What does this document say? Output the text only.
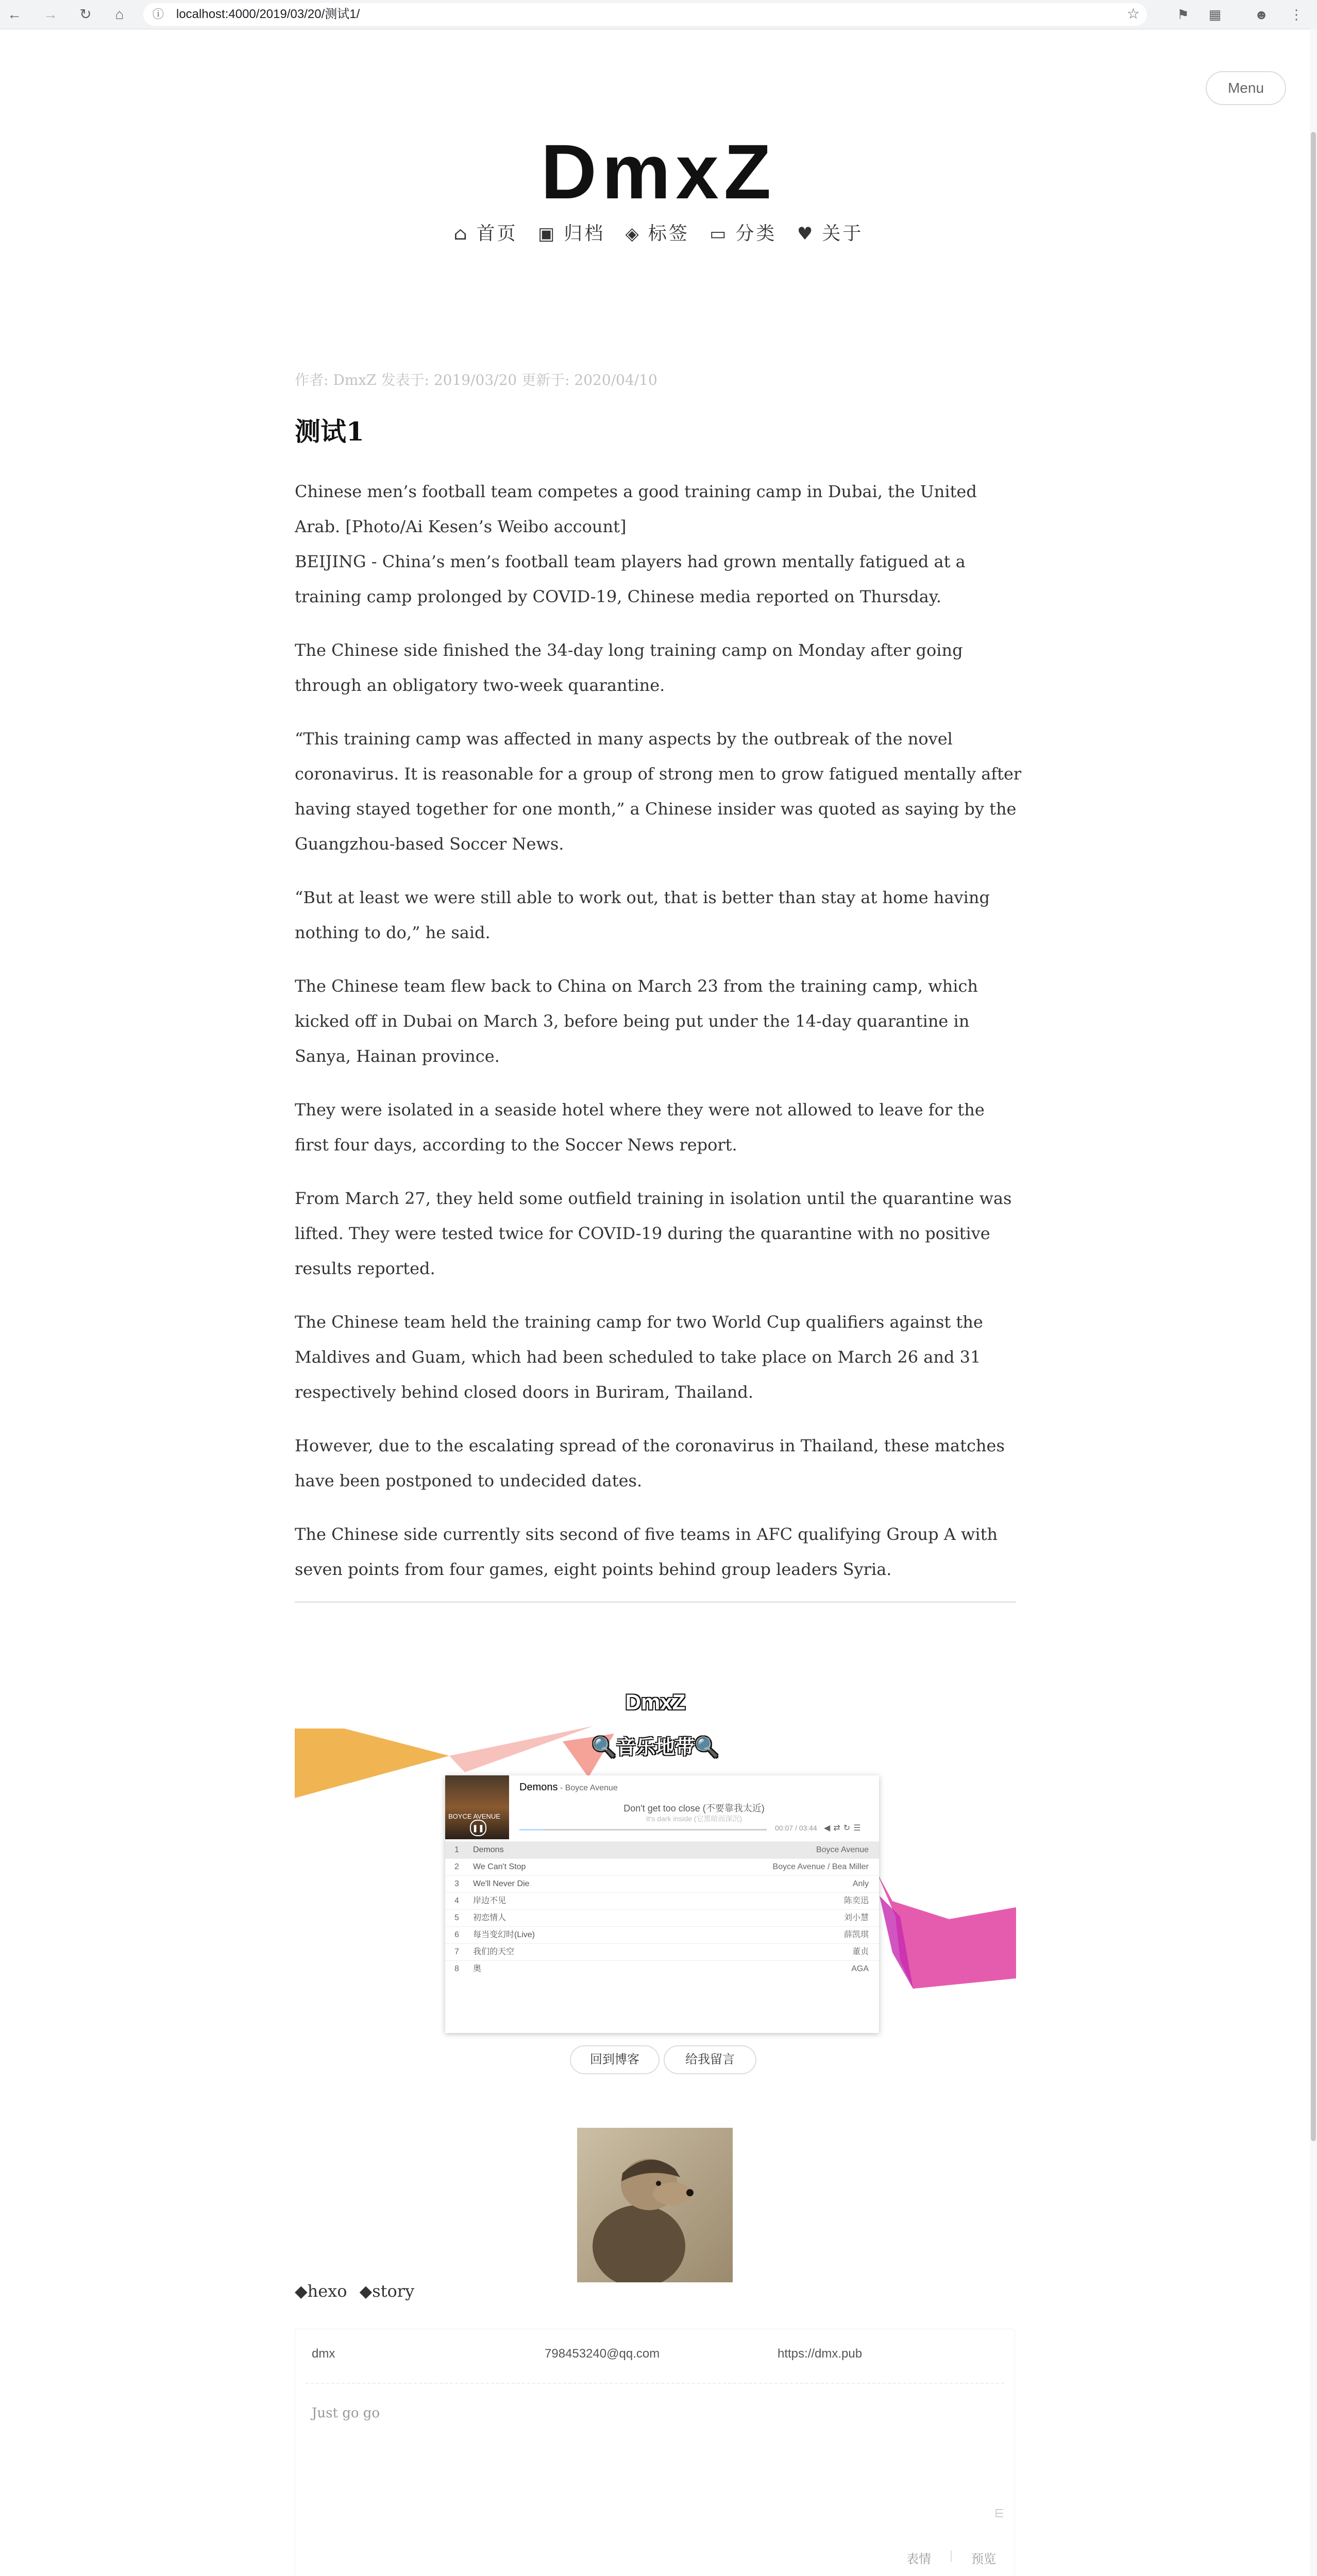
← → ↻	⌂	ⓘ localhost:4000/2019/03/20/测试1/	☆	⚑	▦ ☻ ⋮
Menu
DmxZ
⌂ 首页 ▣ 归档 ◈ 标签 ▭ 分类 ♥ 关于
作者: DmxZ 发表于: 2019/03/20 更新于: 2020/04/10
测试1

Chinese men’s football team competes a good training camp in Dubai, the United Arab. [Photo/Ai Kesen’s Weibo account]
BEIJING - China’s men’s football team players had grown mentally fatigued at a training camp prolonged by COVID-19, Chinese media reported on Thursday.

The Chinese side finished the 34-day long training camp on Monday after going through an obligatory two-week quarantine.

“This training camp was affected in many aspects by the outbreak of the novel coronavirus. It is reasonable for a group of strong men to grow fatigued mentally after having stayed together for one month,” a Chinese insider was quoted as saying by the Guangzhou-based Soccer News.

“But at least we were still able to work out, that is better than stay at home having nothing to do,” he said.

The Chinese team flew back to China on March 23 from the training camp, which kicked off in Dubai on March 3, before being put under the 14-day quarantine in Sanya, Hainan province.

They were isolated in a seaside hotel where they were not allowed to leave for the first four days, according to the Soccer News report.

From March 27, they held some outfield training in isolation until the quarantine was lifted. They were tested twice for COVID-19 during the quarantine with no positive results reported.

The Chinese team held the training camp for two World Cup qualifiers against the Maldives and Guam, which had been scheduled to take place on March 26 and 31 respectively behind closed doors in Buriram, Thailand.

However, due to the escalating spread of the coronavirus in Thailand, these matches have been postponed to undecided dates.

The Chinese side currently sits second of five teams in AFC qualifying Group A with seven points from four games, eight points behind group leaders Syria.

DmxZ
🔍音乐地带🔍
BOYCE AVENUE
❚❚
Demons - Boyce Avenue
Don't get too close (不要靠我太近)
It's dark inside (它黑暗而深沉)
00:07 / 03:44 ◀⇄↻☰
1 Demons	Boyce Avenue
2 We Can't Stop	Boyce Avenue / Bea Miller
3 We'll Never Die	Anly
4 岸边不见	陈奕迅
5 初恋情人	刘小慧
6 每当变幻时(Live)	薛凯琪
7 我们的天空	董贞
8 奥	AGA
回到博客	给我留言
◆hexo ◆story
dmx	798453240@qq.com	https://dmx.pub
Just go go
⋿
表情 | 预览
